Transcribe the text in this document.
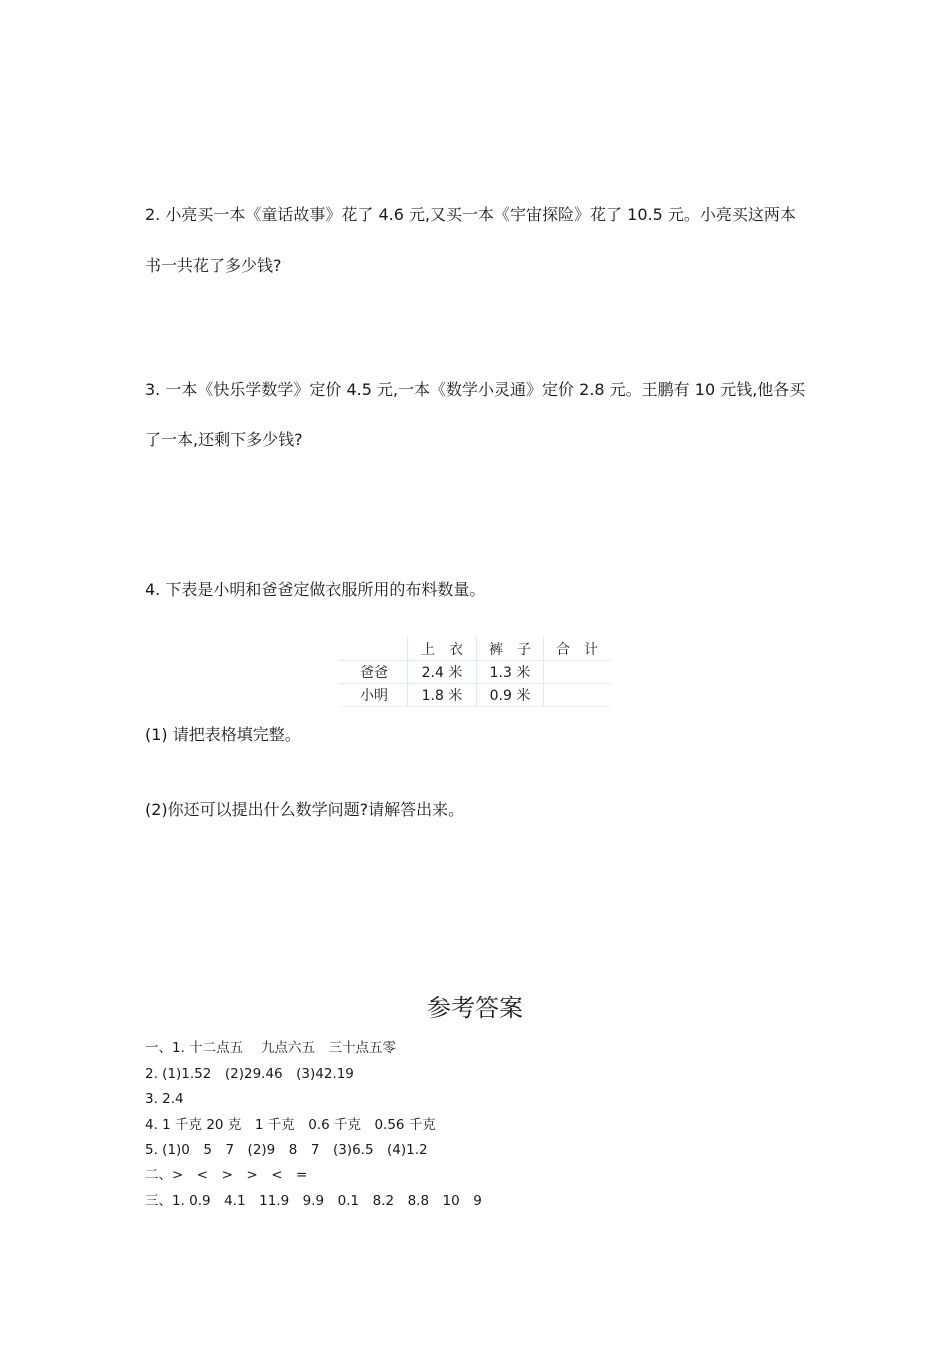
2. 小亮买一本《童话故事》花了 4.6 元,又买一本《宇宙探险》花了 10.5 元。小亮买这两本
书一共花了多少钱?
3. 一本《快乐学数学》定价 4.5 元,一本《数学小灵通》定价 2.8 元。王鹏有 10 元钱,他各买
了一本,还剩下多少钱?
4. 下表是小明和爸爸定做衣服所用的布料数量。
	上　衣	裤　子	合　计
爸爸	2.4 米	1.3 米	
小明	1.8 米	0.9 米	
(1) 请把表格填完整。
(2)你还可以提出什么数学问题?请解答出来。
参考答案
一、1. 十二点五　 九点六五　三十点五零
2. (1)1.52　(2)29.46　(3)42.19
3. 2.4
4. 1 千克 20 克　1 千克　0.6 千克　0.56 千克
5. (1)0　5　7　(2)9　8　7　(3)6.5　(4)1.2
二、>　<　>　>　<　=
三、1. 0.9　4.1　11.9　9.9　0.1　8.2　8.8　10　9
